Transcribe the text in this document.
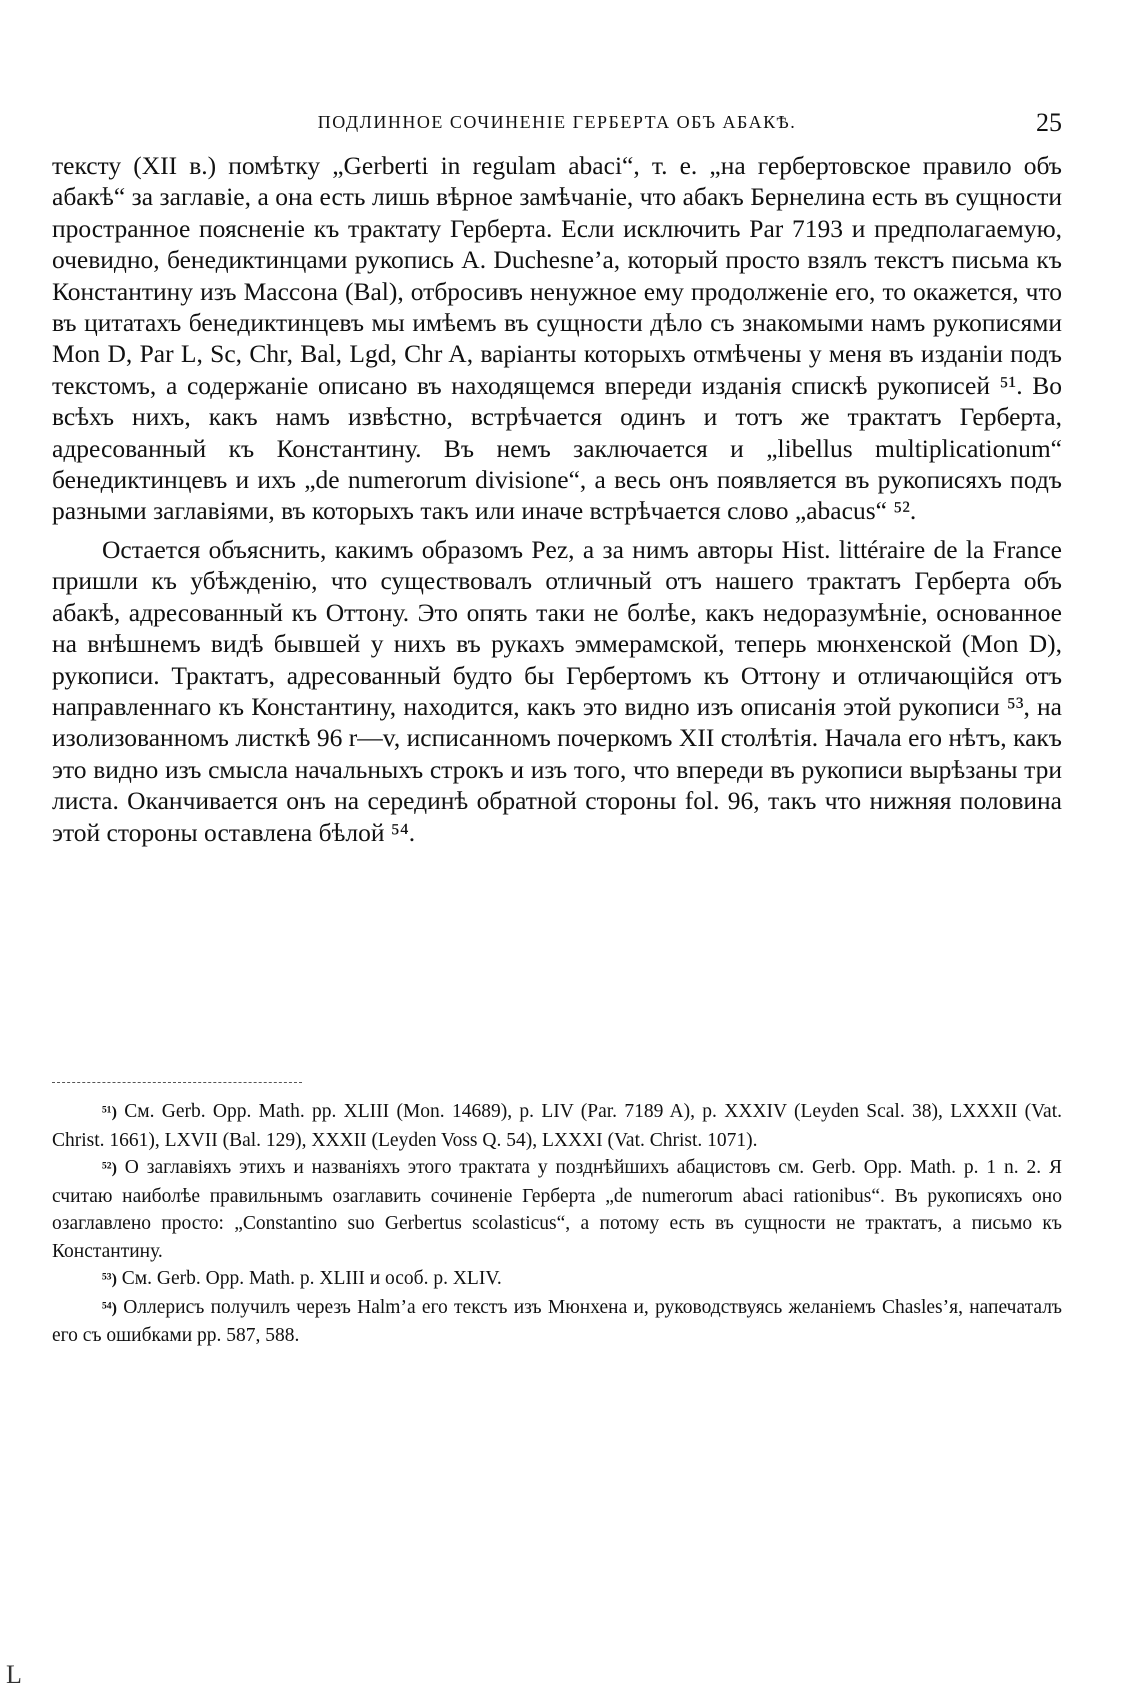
ПОДЛИННОЕ СОЧИНЕНІЕ ГЕРБЕРТА ОБЪ АБАКѢ.	25

тексту (XII в.) помѣтку „Gerberti in regulam abaci“, т. е. „на гербертовское правило объ абакѣ“ за заглавіе, а она есть лишь вѣрное замѣчаніе, что абакъ Бернелина есть въ сущности пространное поясненіе къ трактату Герберта. Если исключить Par 7193 и предполагаемую, очевидно, бенедиктинцами рукопись A. Duchesne’a, который просто взялъ текстъ письма къ Константину изъ Массона (Bal), отбросивъ ненужное ему продолженіе его, то окажется, что въ цитатахъ бенедиктинцевъ мы имѣемъ въ сущности дѣло съ знакомыми намъ рукописями Mon D, Par L, Sc, Chr, Bal, Lgd, Chr A, варіанты которыхъ отмѣчены у меня въ изданіи подъ текстомъ, а содержаніе описано въ находящемся впереди изданія спискѣ рукописей ⁵¹. Во всѣхъ нихъ, какъ намъ извѣстно, встрѣчается одинъ и тотъ же трактатъ Герберта, адресованный къ Константину. Въ немъ заключается и „libellus multiplicationum“ бенедиктинцевъ и ихъ „de numerorum divisione“, а весь онъ появляется въ рукописяхъ подъ разными заглавіями, въ которыхъ такъ или иначе встрѣчается слово „abacus“ ⁵².

Остается объяснить, какимъ образомъ Pez, а за нимъ авторы Hist. littéraire de la France пришли къ убѣжденію, что существовалъ отличный отъ нашего трактатъ Герберта объ абакѣ, адресованный къ Оттону. Это опять таки не болѣе, какъ недоразумѣніе, основанное на внѣшнемъ видѣ бывшей у нихъ въ рукахъ эммерамской, теперь мюнхенской (Mon D), рукописи. Трактатъ, адресованный будто бы Гербертомъ къ Оттону и отличающійся отъ направленнаго къ Константину, находится, какъ это видно изъ описанія этой рукописи ⁵³, на изолизованномъ листкѣ 96 r—v, исписанномъ почеркомъ XII столѣтія. Начала его нѣтъ, какъ это видно изъ смысла начальныхъ строкъ и изъ того, что впереди въ рукописи вырѣзаны три листа. Оканчивается онъ на серединѣ обратной стороны fol. 96, такъ что нижняя половина этой стороны оставлена бѣлой ⁵⁴.

⁵¹) См. Gerb. Opp. Math. pp. XLIII (Mon. 14689), p. LIV (Par. 7189 A), p. XXXIV (Leyden Scal. 38), LXXXII (Vat. Christ. 1661), LXVII (Bal. 129), XXXII (Leyden Voss Q. 54), LXXXI (Vat. Christ. 1071).

⁵²) О заглавіяхъ этихъ и названіяхъ этого трактата у позднѣйшихъ абацистовъ см. Gerb. Opp. Math. p. 1 n. 2. Я считаю наиболѣе правильнымъ озаглавить сочиненіе Герберта „de numerorum abaci rationibus“. Въ рукописяхъ оно озаглавлено просто: „Constantino suo Gerbertus scolasticus“, а потому есть въ сущности не трактатъ, а письмо къ Константину.

⁵³) См. Gerb. Opp. Math. p. XLIII и особ. p. XLIV.

⁵⁴) Оллерисъ получилъ черезъ Halm’a его текстъ изъ Мюнхена и, руководствуясь желаніемъ Chasles’я, напечаталъ его съ ошибками pp. 587, 588.

L
